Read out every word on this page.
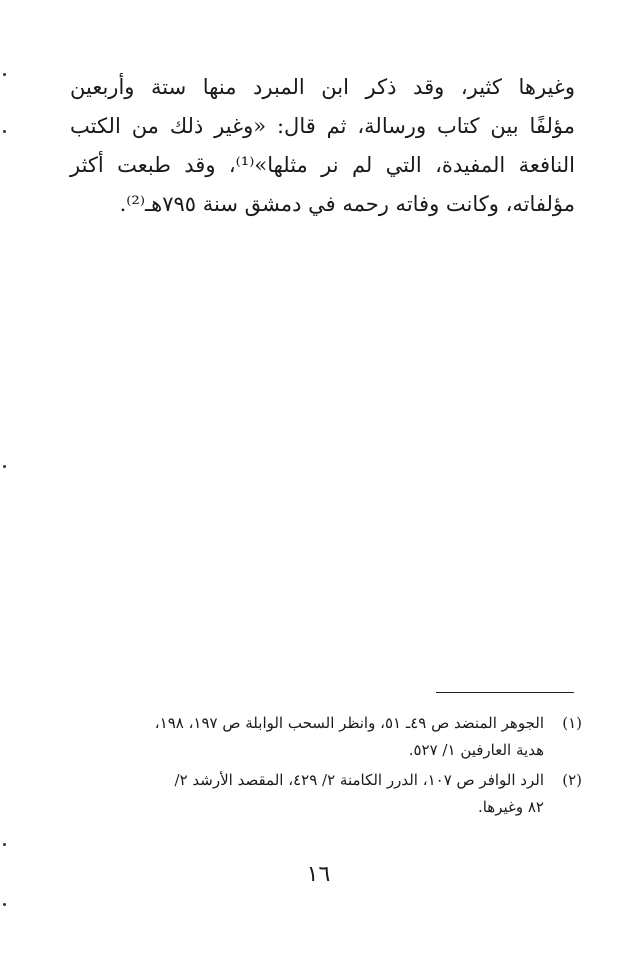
وغيرها كثير، وقد ذكر ابن المبرد منها ستة وأربعين
مؤلفًا بين كتاب ورسالة، ثم قال: «وغير ذلك من الكتب
النافعة المفيدة، التي لم نر مثلها»⁽¹⁾، وقد طبعت أكثر
مؤلفاته، وكانت وفاته رحمه في دمشق سنة ٧٩٥هـ⁽²⁾.
(١)
الجوهر المنضد ص ٤٩ـ ٥١، وانظر السحب الوابلة ص ١٩٧، ١٩٨،
هدية العارفين ١/ ٥٢٧.
(٢)
الرد الوافر ص ١٠٧، الدرر الكامنة ٢/ ٤٢٩، المقصد الأرشد ٢/
٨٢ وغيرها.
١٦
